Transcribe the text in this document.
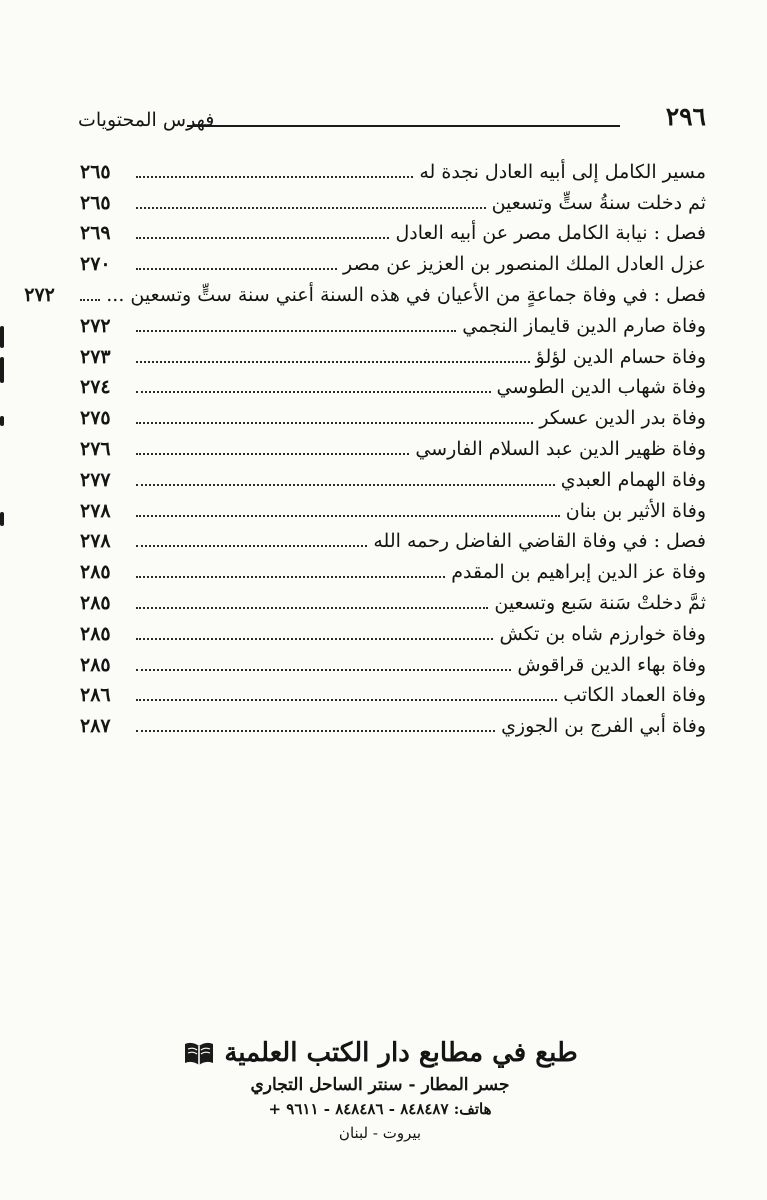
فهرس المحتويات	٢٩٦
مسير الكامل إلى أبيه العادل نجدة له
٢٦٥
ثم دخلت سنةُ ستٍّ وتسعين
٢٦٥
فصل : نيابة الكامل مصر عن أبيه العادل
٢٦٩
عزل العادل الملك المنصور بن العزيز عن مصر
٢٧٠
فصل : في وفاة جماعةٍ من الأعيان في هذه السنة أعني سنة ستٍّ وتسعين ...
٢٧٢
وفاة صارم الدين قايماز النجمي
٢٧٢
وفاة حسام الدين لؤلؤ
٢٧٣
وفاة شهاب الدين الطوسي
٢٧٤
وفاة بدر الدين عسكر
٢٧٥
وفاة ظهير الدين عبد السلام الفارسي
٢٧٦
وفاة الهمام العبدي
٢٧٧
وفاة الأثير بن بنان
٢٧٨
فصل : في وفاة القاضي الفاضل رحمه الله
٢٧٨
وفاة عز الدين إبراهيم بن المقدم
٢٨٥
ثمَّ دخلتْ سَنة سَبع وتسعين
٢٨٥
وفاة خوارزم شاه بن تكش
٢٨٥
وفاة بهاء الدين قراقوش
٢٨٥
وفاة العماد الكاتب
٢٨٦
وفاة أبي الفرج بن الجوزي
٢٨٧
طبع في مطابع دار الكتب العلمية
جسر المطار - سنتر الساحل التجاري
هاتف: ٨٤٨٤٨٧ - ٨٤٨٤٨٦ - ٩٦١١ +
بيروت - لبنان
